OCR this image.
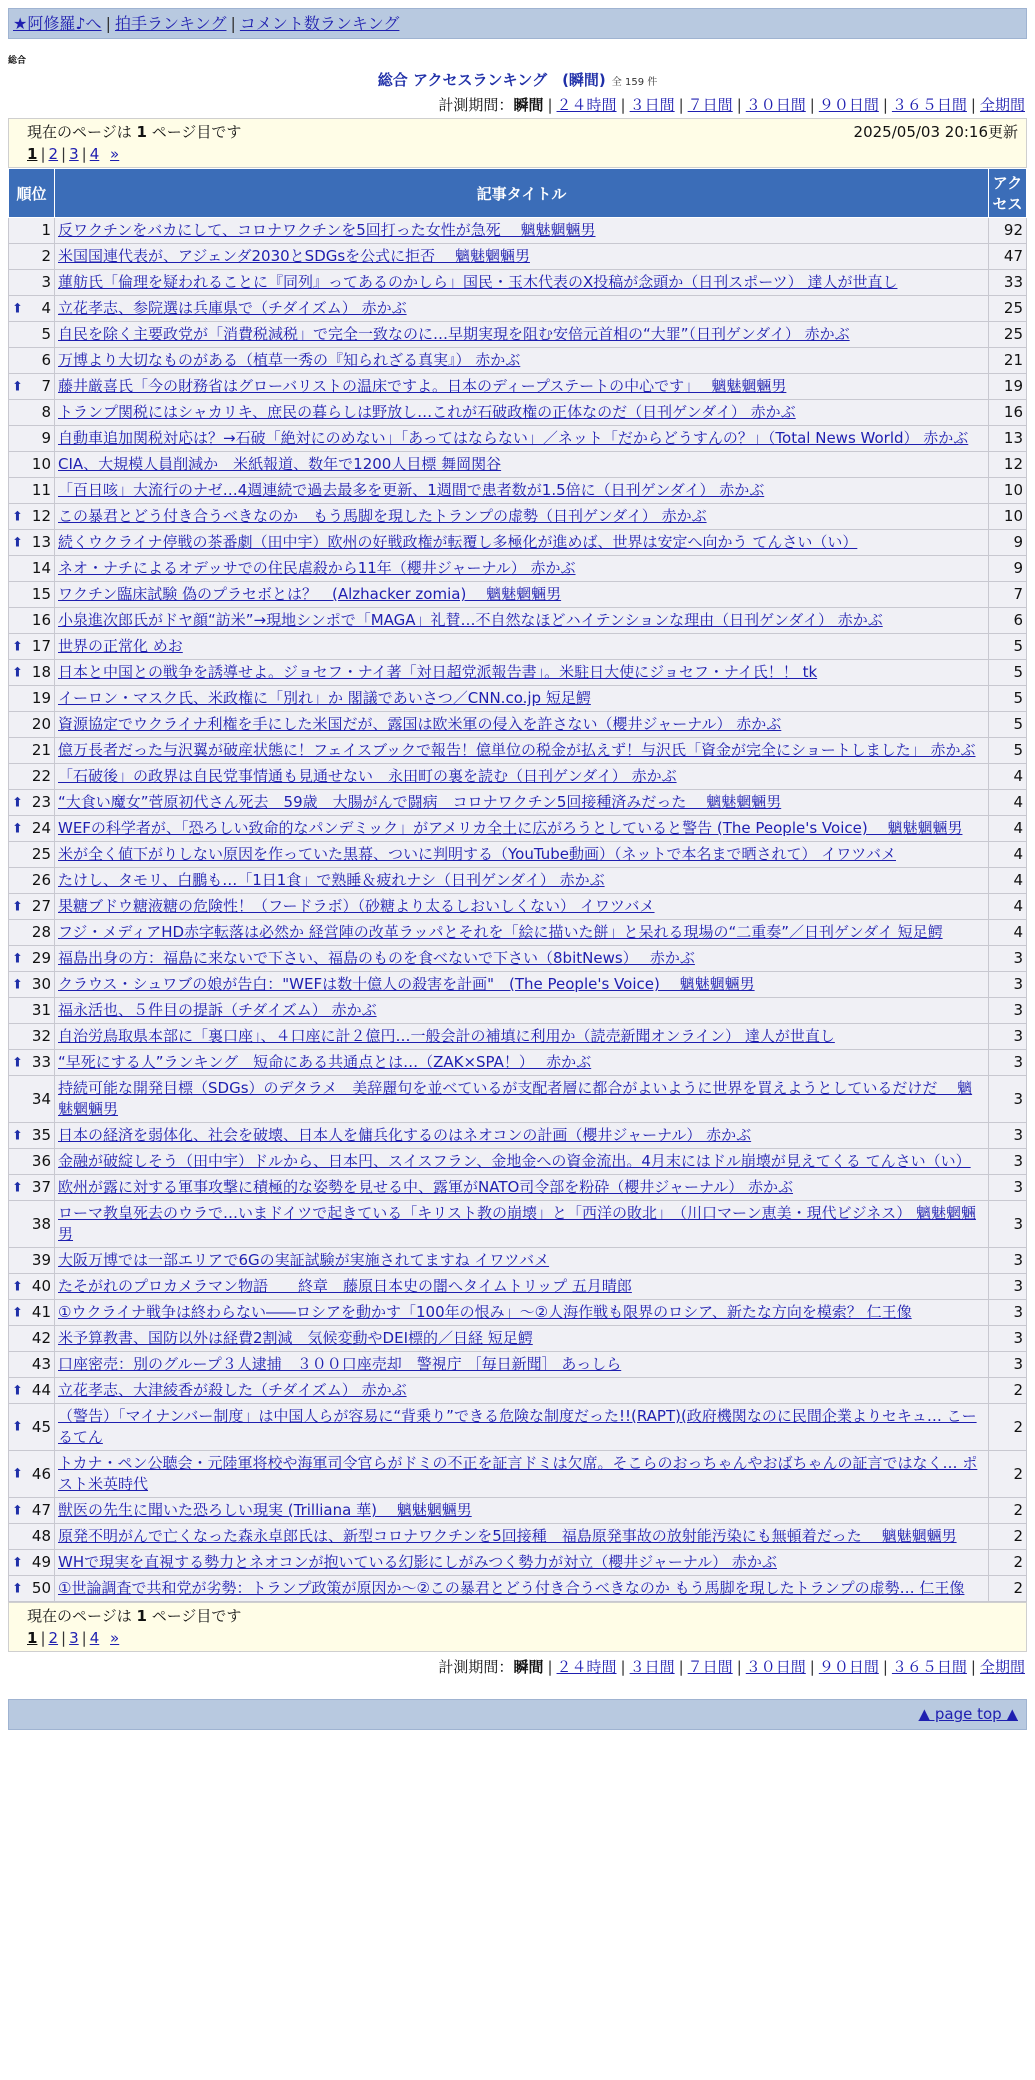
★阿修羅♪へ | 拍手ランキング | コメント数ランキング
総合
総合 アクセスランキング　(瞬間) 全 159 件
計測期間：瞬間 | ２４時間 | ３日間 | ７日間 | ３０日間 | ９０日間 | ３６５日間 | 全期間
現在のページは 1 ページ目です	2025/05/03 20:16更新
1 | 2 | 3 | 4 »
順位	記事タイトル	アクセス
1	反ワクチンをバカにして、コロナワクチンを5回打った女性が急死　 魑魅魍魎男	92
2	米国国連代表が、アジェンダ2030とSDGsを公式に拒否　 魑魅魍魎男	47
3	蓮舫氏「倫理を疑われることに『同列』ってあるのかしら」国民・玉木代表のX投稿が念頭か（日刊スポーツ） 達人が世直し	33

⬆ 4	立花孝志、参院選は兵庫県で（チダイズム） 赤かぶ	25
5	自民を除く主要政党が「消費税減税」で完全一致なのに…早期実現を阻む安倍元首相の“大罪”（日刊ゲンダイ） 赤かぶ	25
6	万博より大切なものがある（植草一秀の『知られざる真実』） 赤かぶ	21

⬆ 7	藤井厳喜氏「今の財務省はグローバリストの温床ですよ。日本のディープステートの中心です」　 魑魅魍魎男	19
8	トランプ関税にはシャカリキ、庶民の暮らしは野放し…これが石破政権の正体なのだ（日刊ゲンダイ） 赤かぶ	16
9	自動車追加関税対応は？→石破「絶対にのめない」「あってはならない」／ネット「だからどうすんの？」（Total News World） 赤かぶ	13
10	CIA、大規模人員削減か　米紙報道、数年で1200人目標 舞岡関谷	12
11	「百日咳」大流行のナゼ…4週連続で過去最多を更新、1週間で患者数が1.5倍に（日刊ゲンダイ） 赤かぶ	10

⬆ 12	この暴君とどう付き合うべきなのか　もう馬脚を現したトランプの虚勢（日刊ゲンダイ） 赤かぶ	10

⬆ 13	続くウクライナ停戦の茶番劇（田中宇）欧州の好戦政権が転覆し多極化が進めば、世界は安定へ向かう てんさい（い）	9
14	ネオ・ナチによるオデッサでの住民虐殺から11年（櫻井ジャーナル） 赤かぶ	9
15	ワクチン臨床試験 偽のプラセボとは？　(Alzhacker zomia)　 魑魅魍魎男	7
16	小泉進次郎氏がドヤ顔“訪米”→現地シンポで「MAGA」礼賛…不自然なほどハイテンションな理由（日刊ゲンダイ） 赤かぶ	6

⬆ 17	世界の正常化 めお	5

⬆ 18	日本と中国との戦争を誘導せよ。ジョセフ・ナイ著「対日超党派報告書」。米駐日大使にジョセフ・ナイ氏！！ tk	5
19	イーロン・マスク氏、米政権に「別れ」か 閣議であいさつ／CNN.co.jp 短足鰐	5
20	資源協定でウクライナ利権を手にした米国だが、露国は欧米軍の侵入を許さない（櫻井ジャーナル） 赤かぶ	5
21	億万長者だった与沢翼が破産状態に！フェイスブックで報告！億単位の税金が払えず！与沢氏「資金が完全にショートしました」 赤かぶ	5
22	「石破後」の政界は自民党事情通も見通せない　永田町の裏を読む（日刊ゲンダイ） 赤かぶ	4

⬆ 23	“大食い魔女”菅原初代さん死去　59歳　大腸がんで闘病　コロナワクチン5回接種済みだった　 魑魅魍魎男	4

⬆ 24	WEFの科学者が、「恐ろしい致命的なパンデミック」がアメリカ全土に広がろうとしていると警告 (The People's Voice)　 魑魅魍魎男	4
25	米が全く値下がりしない原因を作っていた黒幕、ついに判明する（YouTube動画）（ネットで本名まで晒されて） イワツバメ	4
26	たけし、タモリ、白鵬も…「1日1食」で熟睡＆疲れナシ（日刊ゲンダイ） 赤かぶ	4

⬆ 27	果糖ブドウ糖液糖の危険性！（フードラボ）（砂糖より太るしおいしくない） イワツバメ	4
28	フジ・メディアHD赤字転落は必然か 経営陣の改革ラッパとそれを「絵に描いた餅」と呆れる現場の“二重奏”／日刊ゲンダイ 短足鰐	4

⬆ 29	福島出身の方：福島に来ないで下さい、福島のものを食べないで下さい（8bitNews）　 赤かぶ	3

⬆ 30	クラウス・シュワブの娘が告白："WEFは数十億人の殺害を計画"　(The People's Voice)　 魑魅魍魎男	3
31	福永活也、５件目の提訴（チダイズム） 赤かぶ	3
32	自治労鳥取県本部に「裏口座」、４口座に計２億円…一般会計の補填に利用か（読売新聞オンライン） 達人が世直し	3

⬆ 33	“早死にする人”ランキング　短命にある共通点とは…（ZAK×SPA！）　 赤かぶ	3
34	持続可能な開発目標（SDGs）のデタラメ　美辞麗句を並べているが支配者層に都合がよいように世界を買えようとしているだけだ　 魑魅魍魎男	3

⬆ 35	日本の経済を弱体化、社会を破壊、日本人を傭兵化するのはネオコンの計画（櫻井ジャーナル） 赤かぶ	3
36	金融が破綻しそう（田中宇）ドルから、日本円、スイスフラン、金地金への資金流出。4月末にはドル崩壊が見えてくる てんさい（い）	3

⬆ 37	欧州が露に対する軍事攻撃に積極的な姿勢を見せる中、露軍がNATO司令部を粉砕（櫻井ジャーナル） 赤かぶ	3
38	ローマ教皇死去のウラで…いまドイツで起きている「キリスト教の崩壊」と「西洋の敗北」　（川口マーン恵美・現代ビジネス） 魑魅魍魎男	3
39	大阪万博では一部エリアで6Gの実証試験が実施されてますね イワツバメ	3

⬆ 40	たそがれのプロカメラマン物語　　終章　藤原日本史の闇へタイムトリップ 五月晴郎	3

⬆ 41	①ウクライナ戦争は終わらない――ロシアを動かす「100年の恨み」～②人海作戦も限界のロシア、新たな方向を模索？ 仁王像	3
42	米予算教書、国防以外は経費2割減　気候変動やDEI標的／日経 短足鰐	3
43	口座密売：別のグループ３人逮捕　３００口座売却　警視庁 ［毎日新聞］ あっしら	3

⬆ 44	立花孝志、大津綾香が殺した（チダイズム） 赤かぶ	2

⬆ 45	（警告）「マイナンバー制度」は中国人らが容易に“背乗り”できる危険な制度だった!!(RAPT)(政府機関なのに民間企業よりセキュ… こーるてん	2

⬆ 46	トカナ・ペン公聴会・元陸軍将校や海軍司令官らがドミの不正を証言ドミは欠席。そこらのおっちゃんやおばちゃんの証言ではなく… ポスト米英時代	2

⬆ 47	獣医の先生に聞いた恐ろしい現実 (Trilliana 華)　 魑魅魍魎男	2
48	原発不明がんで亡くなった森永卓郎氏は、新型コロナワクチンを5回接種　福島原発事故の放射能汚染にも無頓着だった　 魑魅魍魎男	2

⬆ 49	WHで現実を直視する勢力とネオコンが抱いている幻影にしがみつく勢力が対立（櫻井ジャーナル） 赤かぶ	2

⬆ 50	①世論調査で共和党が劣勢：トランプ政策が原因か～②この暴君とどう付き合うべきなのか もう馬脚を現したトランプの虚勢… 仁王像	2
現在のページは 1 ページ目です
1 | 2 | 3 | 4 »
計測期間：瞬間 | ２４時間 | ３日間 | ７日間 | ３０日間 | ９０日間 | ３６５日間 | 全期間
▲ page top ▲
